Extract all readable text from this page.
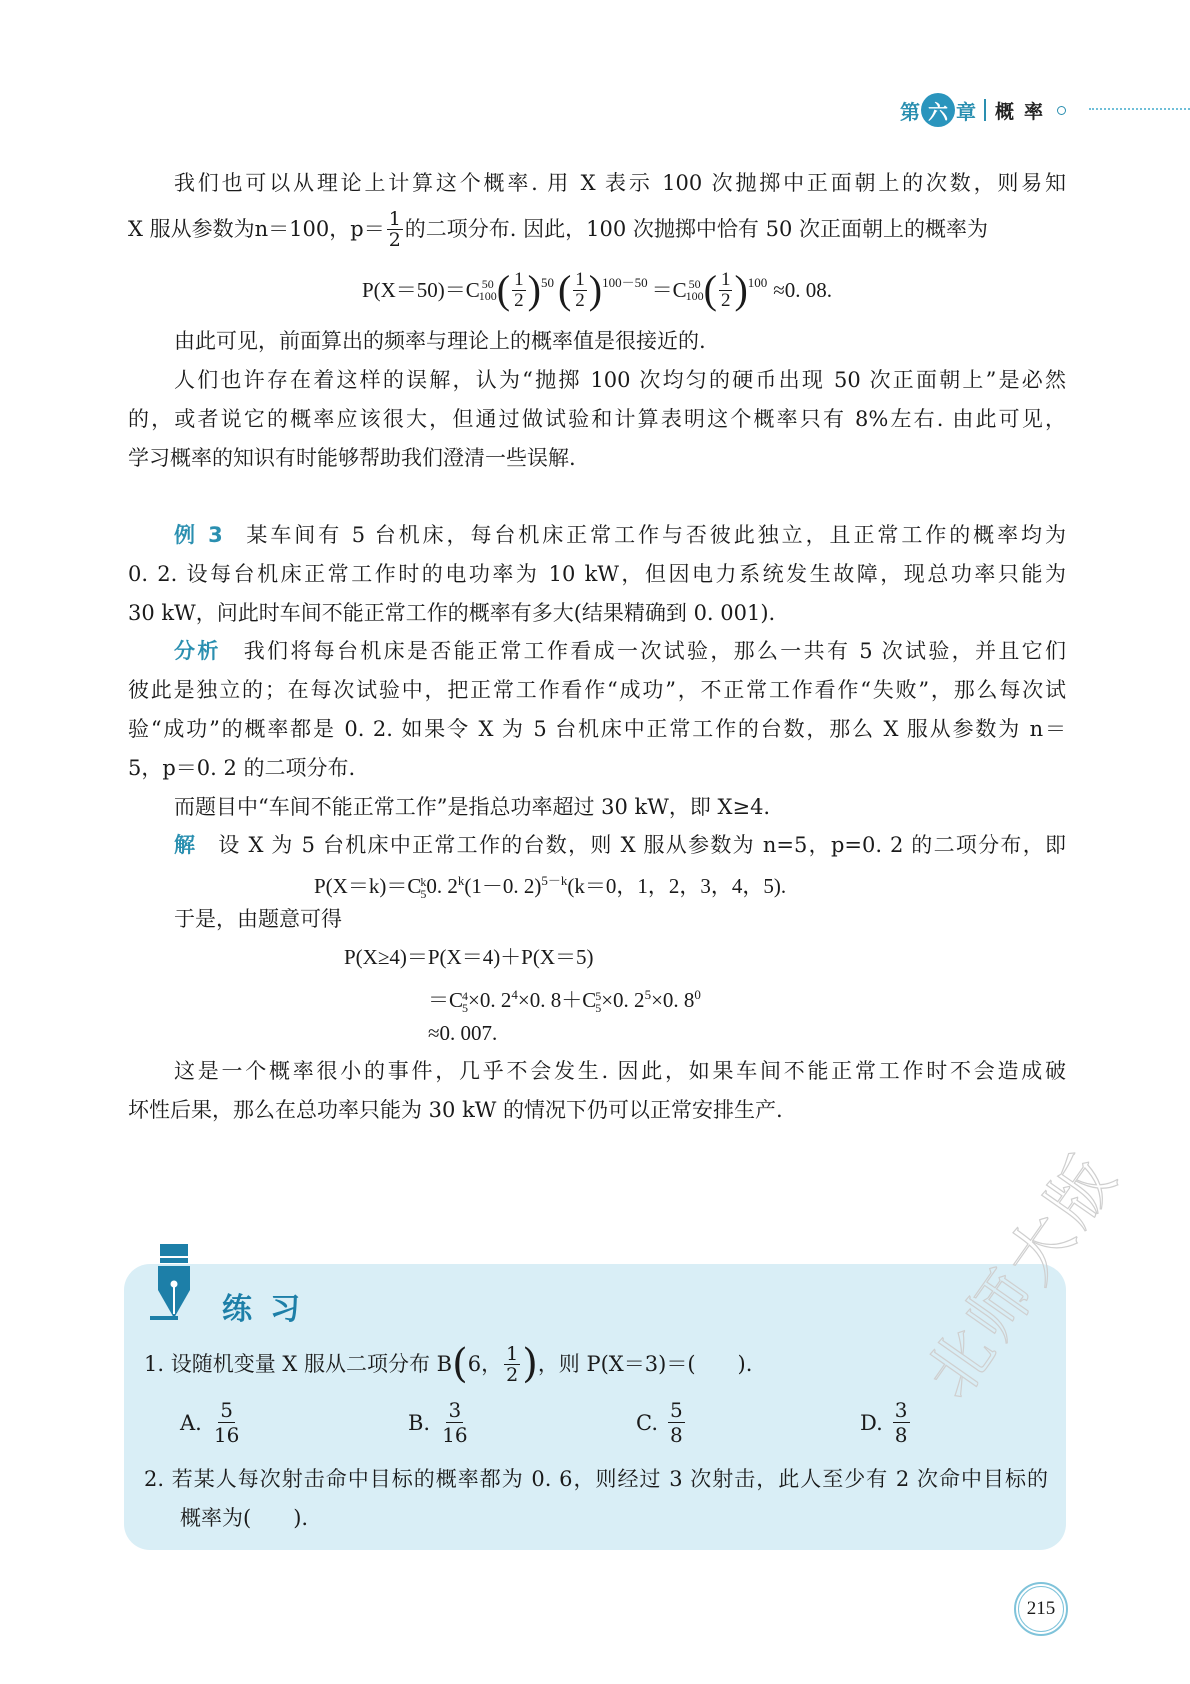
第 六 章 概率
我们也可以从理论上计算这个概率. 用 X 表示 100 次抛掷中正面朝上的次数，则易知
X 服从参数为 n＝100，$p= \frac{1}{2}$ 的二项分布. 因此，100 次抛掷中恰有 50 次正面朝上的概率为
P(X＝50)＝C 50
100 ( $\frac{1}{2} )^{50}$ ( $\frac{1}{2} )^{100-50} =C$ 50
100 ( $\frac{1}{2} )^{100} \approx 0$. 08.
由此可见，前面算出的频率与理论上的概率值是很接近的.
人们也许存在着这样的误解，认为“抛掷 100 次均匀的硬币出现 50 次正面朝上”是必然
的，或者说它的概率应该很大，但通过做试验和计算表明这个概率只有 8%左右. 由此可见，
学习概率的知识有时能够帮助我们澄清一些误解.
例 3 某车间有 5 台机床，每台机床正常工作与否彼此独立，且正常工作的概率均为
0. 2. 设每台机床正常工作时的电功率为 10 kW，但因电力系统发生故障，现总功率只能为
30 kW，问此时车间不能正常工作的概率有多大(结果精确到 0. 001).
分析 我们将每台机床是否能正常工作看成一次试验，那么一共有 5 次试验，并且它们
彼此是独立的；在每次试验中，把正常工作看作“成功”，不正常工作看作“失败”，那么每次试
验“成功”的概率都是 0. 2. 如果令 X 为 5 台机床中正常工作的台数，那么 X 服从参数为 n＝
5，p＝0. 2 的二项分布.
而题目中“车间不能正常工作”是指总功率超过 30 kW，即 X≥4.
解 设 X 为 5 台机床中正常工作的台数，则 X 服从参数为 n=5，p=0. 2 的二项分布，即
P(X＝k)＝C k
5 0. $2^k(1-0$. 2)$^{5-k}$(k＝0，1，2，3，4，5).
于是，由题意可得
P(X≥4)＝P(X＝4)＋P(X＝5)
＝C 4
5 ×0. $2^4\times 0$. 8＋C 5
5 ×0. $2^5\times 0$. $8^0$
≈0. 007.
这是一个概率很小的事件，几乎不会发生. 因此，如果车间不能正常工作时不会造成破
坏性后果，那么在总功率只能为 30 kW 的情况下仍可以正常安排生产.
练习
1. 设随机变量 X 服从二项分布 B ( 6， $\frac{1}{2}$ ) ，则 P(X＝3)＝(　　).
A. $\frac{5}{16}$	B. $\frac{3}{16}$	C. $\frac{5}{8}$	D. $\frac{3}{8}$
2. 若某人每次射击命中目标的概率都为 0. 6，则经过 3 次射击，此人至少有 2 次命中目标的
概率为(　　).
北师大版
215
